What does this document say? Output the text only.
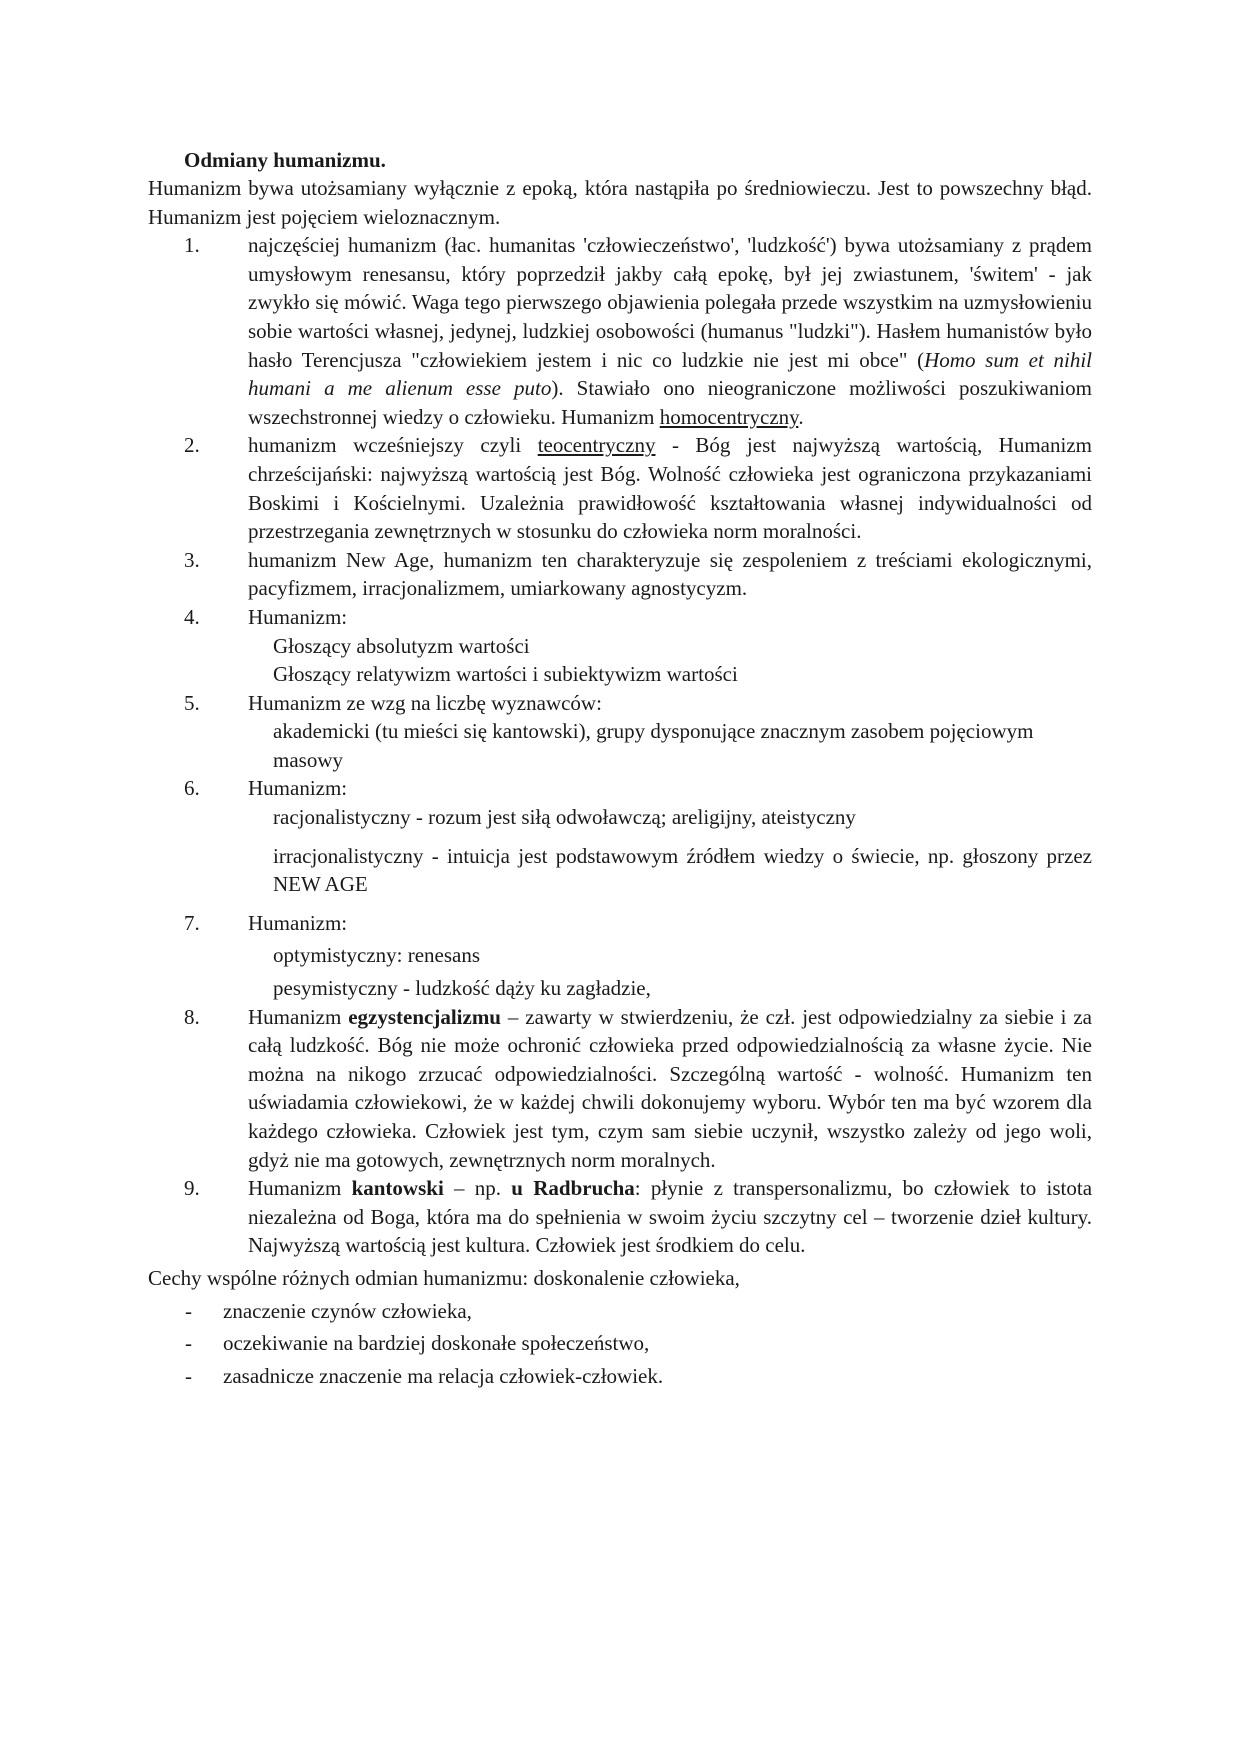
Odmiany humanizmu.
Humanizm bywa utożsamiany wyłącznie z epoką, która nastąpiła po średniowieczu. Jest to powszechny błąd. Humanizm jest pojęciem wieloznacznym.
1. najczęściej humanizm (łac. humanitas 'człowieczeństwo', 'ludzkość') bywa utożsamiany z prądem umysłowym renesansu, który poprzedził jakby całą epokę, był jej zwiastunem, 'świtem' - jak zwykło się mówić. Waga tego pierwszego objawienia polegała przede wszystkim na uzmysłowieniu sobie wartości własnej, jedynej, ludzkiej osobowości (humanus "ludzki"). Hasłem humanistów było hasło Terencjusza "człowiekiem jestem i nic co ludzkie nie jest mi obce" (Homo sum et nihil humani a me alienum esse puto). Stawiało ono nieograniczone możliwości poszukiwaniom wszechstronnej wiedzy o człowieku. Humanizm homocentryczny.
2. humanizm wcześniejszy czyli teocentryczny - Bóg jest najwyższą wartością, Humanizm chrześcijański: najwyższą wartością jest Bóg. Wolność człowieka jest ograniczona przykazaniami Boskimi i Kościelnymi. Uzależnia prawidłowość kształtowania własnej indywidualności od przestrzegania zewnętrznych w stosunku do człowieka norm moralności.
3. humanizm New Age, humanizm ten charakteryzuje się zespoleniem z treściami ekologicznymi, pacyfizmem, irracjonalizmem, umiarkowany agnostycyzm.
4. Humanizm:
Głoszący absolutyzm wartości
Głoszący relatywizm wartości i subiektywizm wartości
5. Humanizm ze wzg na liczbę wyznawców:
akademicki (tu mieści się kantowski), grupy dysponujące znacznym zasobem pojęciowym
masowy
6. Humanizm:
racjonalistyczny - rozum jest siłą odwoławczą; areligijny, ateistyczny
irracjonalistyczny - intuicja jest podstawowym źródłem wiedzy o świecie, np. głoszony przez NEW AGE
7. Humanizm:
optymistyczny: renesans
pesymistyczny - ludzkość dąży ku zagładzie,
8. Humanizm egzystencjalizmu – zawarty w stwierdzeniu, że czł. jest odpowiedzialny za siebie i za całą ludzkość. Bóg nie może ochronić człowieka przed odpowiedzialnością za własne życie. Nie można na nikogo zrzucać odpowiedzialności. Szczególną wartość - wolność. Humanizm ten uświadamia człowiekowi, że w każdej chwili dokonujemy wyboru. Wybór ten ma być wzorem dla każdego człowieka. Człowiek jest tym, czym sam siebie uczynił, wszystko zależy od jego woli, gdyż nie ma gotowych, zewnętrznych norm moralnych.
9. Humanizm kantowski – np. u Radbrucha: płynie z transpersonalizmu, bo człowiek to istota niezależna od Boga, która ma do spełnienia w swoim życiu szczytny cel – tworzenie dzieł kultury. Najwyższą wartością jest kultura. Człowiek jest środkiem do celu.
Cechy wspólne różnych odmian humanizmu: doskonalenie człowieka,
- znaczenie czynów człowieka,
- oczekiwanie na bardziej doskonałe społeczeństwo,
- zasadnicze znaczenie ma relacja człowiek-człowiek.
